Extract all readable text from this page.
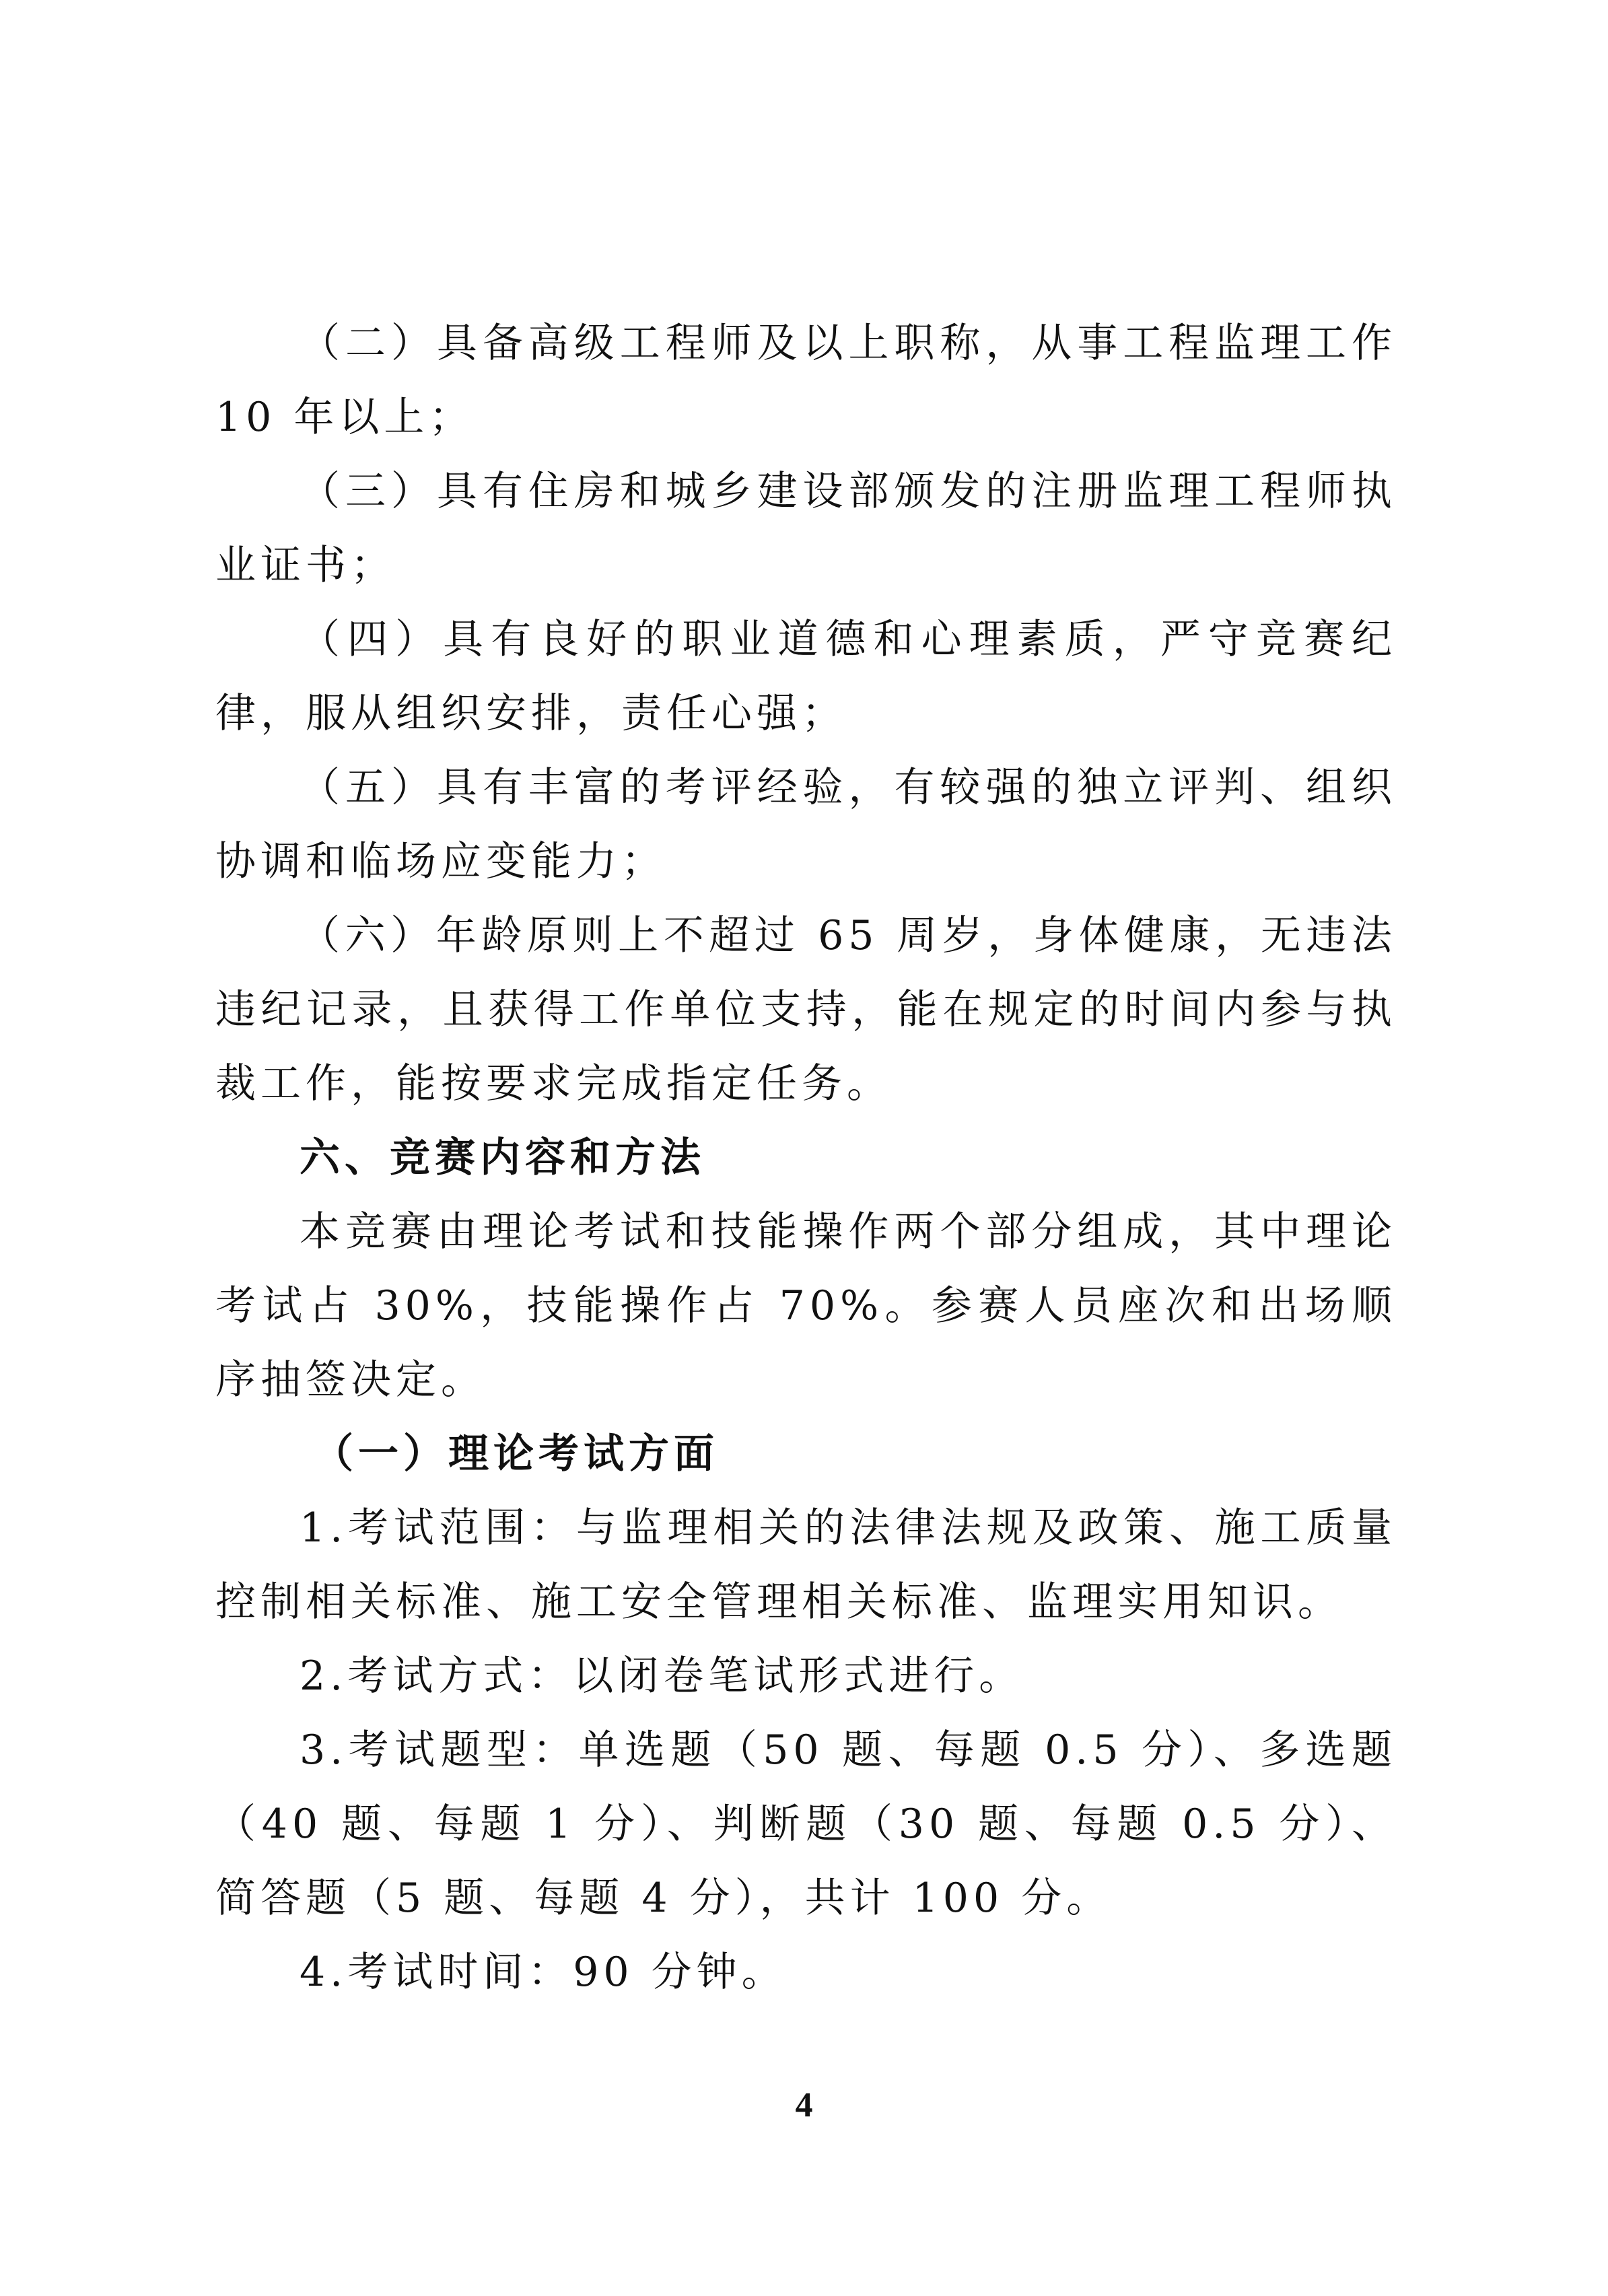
（二）具备高级工程师及以上职称，从事工程监理工作 10 年以上；

（三）具有住房和城乡建设部颁发的注册监理工程师执业证书；

（四）具有良好的职业道德和心理素质，严守竞赛纪律，服从组织安排，责任心强；

（五）具有丰富的考评经验，有较强的独立评判、组织协调和临场应变能力；

（六）年龄原则上不超过 65 周岁，身体健康，无违法违纪记录，且获得工作单位支持，能在规定的时间内参与执裁工作，能按要求完成指定任务。

六、竞赛内容和方法

本竞赛由理论考试和技能操作两个部分组成，其中理论考试占 30%，技能操作占 70%。参赛人员座次和出场顺序抽签决定。

（一）理论考试方面

1.考试范围：与监理相关的法律法规及政策、施工质量控制相关标准、施工安全管理相关标准、监理实用知识。

2.考试方式：以闭卷笔试形式进行。

3.考试题型：单选题（50 题、每题 0.5 分）、多选题（40 题、每题 1 分）、判断题（30 题、每题 0.5 分）、简答题（5 题、每题 4 分），共计 100 分。

4.考试时间：90 分钟。

4
